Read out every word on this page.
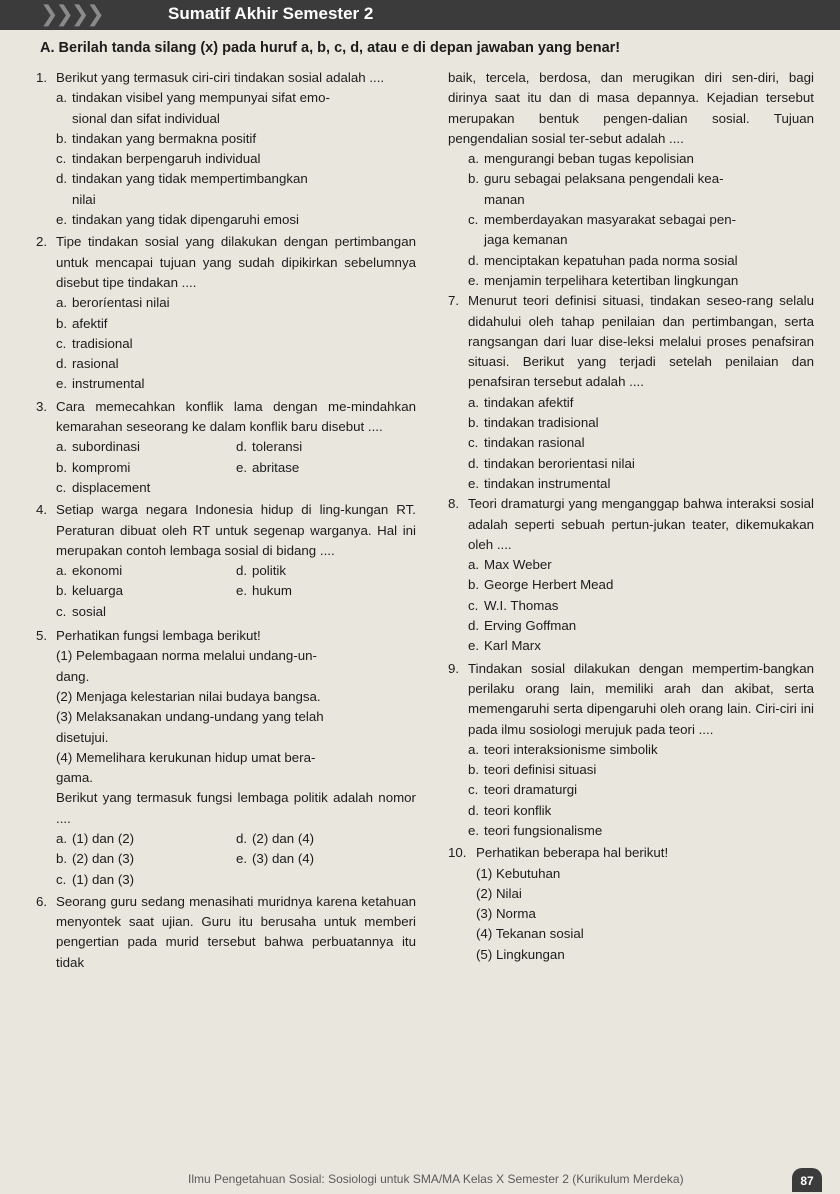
❯❯❯❯	Sumatif Akhir Semester 2
A. Berilah tanda silang (x) pada huruf a, b, c, d, atau e di depan jawaban yang benar!
1. Berikut yang termasuk ciri-ciri tindakan sosial adalah ....
a. tindakan visibel yang mempunyai sifat emo-
sional dan sifat individual
b. tindakan yang bermakna positif
c. tindakan berpengaruh individual
d. tindakan yang tidak mempertimbangkan
nilai
e. tindakan yang tidak dipengaruhi emosi
2. Tipe tindakan sosial yang dilakukan dengan pertimbangan untuk mencapai tujuan yang sudah dipikirkan sebelumnya disebut tipe tindakan ....
a. beroríentasi nilai
b. afektif
c. tradisional
d. rasional
e. instrumental
3. Cara memecahkan konflik lama dengan me-mindahkan kemarahan seseorang ke dalam konflik baru disebut ....
a. subordinasi	d. toleransi
b. kompromi	e. abritase
c. displacement
4. Setiap warga negara Indonesia hidup di ling-kungan RT. Peraturan dibuat oleh RT untuk segenap warganya. Hal ini merupakan contoh lembaga sosial di bidang ....
a. ekonomi	d. politik
b. keluarga	e. hukum
c. sosial
5. Perhatikan fungsi lembaga berikut!
(1) Pelembagaan norma melalui undang-un-
dang.
(2) Menjaga kelestarian nilai budaya bangsa.
(3) Melaksanakan undang-undang yang telah
disetujui.
(4) Memelihara kerukunan hidup umat bera-
gama.
Berikut yang termasuk fungsi lembaga politik adalah nomor ....
a. (1) dan (2)	d. (2) dan (4)
b. (2) dan (3)	e. (3) dan (4)
c. (1) dan (3)
6. Seorang guru sedang menasihati muridnya karena ketahuan menyontek saat ujian. Guru itu berusaha untuk memberi pengertian pada murid tersebut bahwa perbuatannya itu tidak
baik, tercela, berdosa, dan merugikan diri sen-diri, bagi dirinya saat itu dan di masa depannya. Kejadian tersebut merupakan bentuk pengen-dalian sosial. Tujuan pengendalian sosial ter-sebut adalah ....
a. mengurangi beban tugas kepolisian
b. guru sebagai pelaksana pengendali kea-
manan
c. memberdayakan masyarakat sebagai pen-
jaga kemanan
d. menciptakan kepatuhan pada norma sosial
e. menjamin terpelihara ketertiban lingkungan
7. Menurut teori definisi situasi, tindakan seseo-rang selalu didahului oleh tahap penilaian dan pertimbangan, serta rangsangan dari luar dise-leksi melalui proses penafsiran situasi. Berikut yang terjadi setelah penilaian dan penafsiran tersebut adalah ....
a. tindakan afektif
b. tindakan tradisional
c. tindakan rasional
d. tindakan berorientasi nilai
e. tindakan instrumental
8. Teori dramaturgi yang menganggap bahwa interaksi sosial adalah seperti sebuah pertun-jukan teater, dikemukakan oleh ....
a. Max Weber
b. George Herbert Mead
c. W.I. Thomas
d. Erving Goffman
e. Karl Marx
9. Tindakan sosial dilakukan dengan mempertim-bangkan perilaku orang lain, memiliki arah dan akibat, serta memengaruhi serta dipengaruhi oleh orang lain. Ciri-ciri ini pada ilmu sosiologi merujuk pada teori ....
a. teori interaksionisme simbolik
b. teori definisi situasi
c. teori dramaturgi
d. teori konflik
e. teori fungsionalisme
10. Perhatikan beberapa hal berikut!
(1) Kebutuhan
(2) Nilai
(3) Norma
(4) Tekanan sosial
(5) Lingkungan
Ilmu Pengetahuan Sosial: Sosiologi untuk SMA/MA Kelas X Semester 2 (Kurikulum Merdeka)	87
